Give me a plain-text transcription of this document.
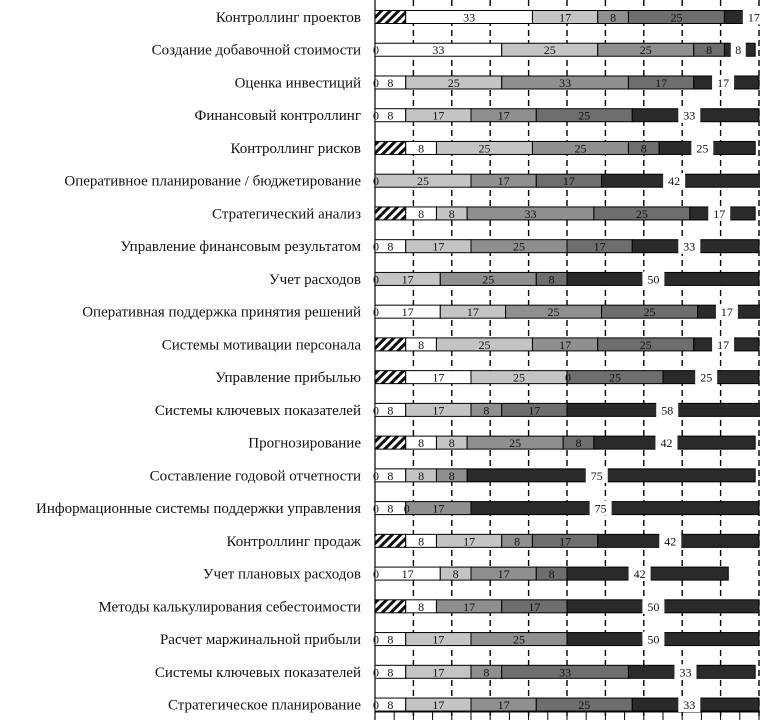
33	17	8	25	17
0	33	25	25	8 8
0 8	25	33	17	17
0 8	17	17	25	33
8	25	25	8	25
0	25	17	17	42
8 8	33	25	17
0 8	17	25	17	33
0 17	25	8	50
0 17	17	25	25	17
8	25	17	25	17
17	25	0	25	25
0 8	17	8	17	58
8 8	25	8	42
0 8 8 8	75
0 8 0 17	75
8	17	8	17	42
0 17	8	17	8	42
8	17	17	50
0 8	17	25	50
0 8	17	8	33	33
0 8	17	17	25	33
Контроллинг проектов
Создание добавочной стоимости
Оценка инвестиций
Финансовый контроллинг
Контроллинг рисков
Оперативное планирование / бюджетирование
Стратегический анализ
Управление финансовым результатом
Учет расходов
Оперативная поддержка принятия решений
Системы мотивации персонала
Управление прибылью
Системы ключевых показателей
Прогнозирование
Составление годовой отчетности
Информационные системы поддержки управления
Контроллинг продаж
Учет плановых расходов
Методы калькулирования себестоимости
Расчет маржинальной прибыли
Системы ключевых показателей
Стратегическое планирование
